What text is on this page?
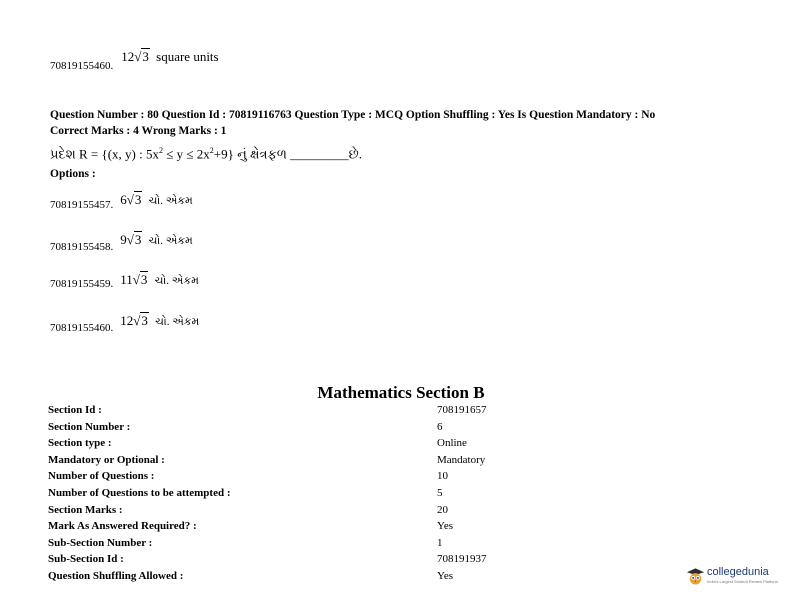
70819155460. $^{12√3 square units}$
Question Number : 80 Question Id : 70819116763 Question Type : MCQ Option Shuffling : Yes Is Question Mandatory : No
Correct Marks : 4 Wrong Marks : 1
પ્રદેશ R = {(x, y) : $5x^2 \le y \le 2x^2+9$} નું ક્ષેત્રફળ _________છે.
Options :
70819155457. $^{6√3 ચો. એકમ}$
70819155458. $^{9√3 ચો. એકમ}$
70819155459. 11√3 ચો. એકમ
70819155460. $^{12√3 ચો. એકમ}$
Mathematics Section B
Section Id :	708191657
Section Number :	6
Section type :	Online
Mandatory or Optional :	Mandatory
Number of Questions :	10
Number of Questions to be attempted :	5
Section Marks :	20
Mark As Answered Required? :	Yes
Sub-Section Number :	1
Sub-Section Id :	708191937
Question Shuffling Allowed :	Yes	collegedunia
India's Largest Student Review Platform
